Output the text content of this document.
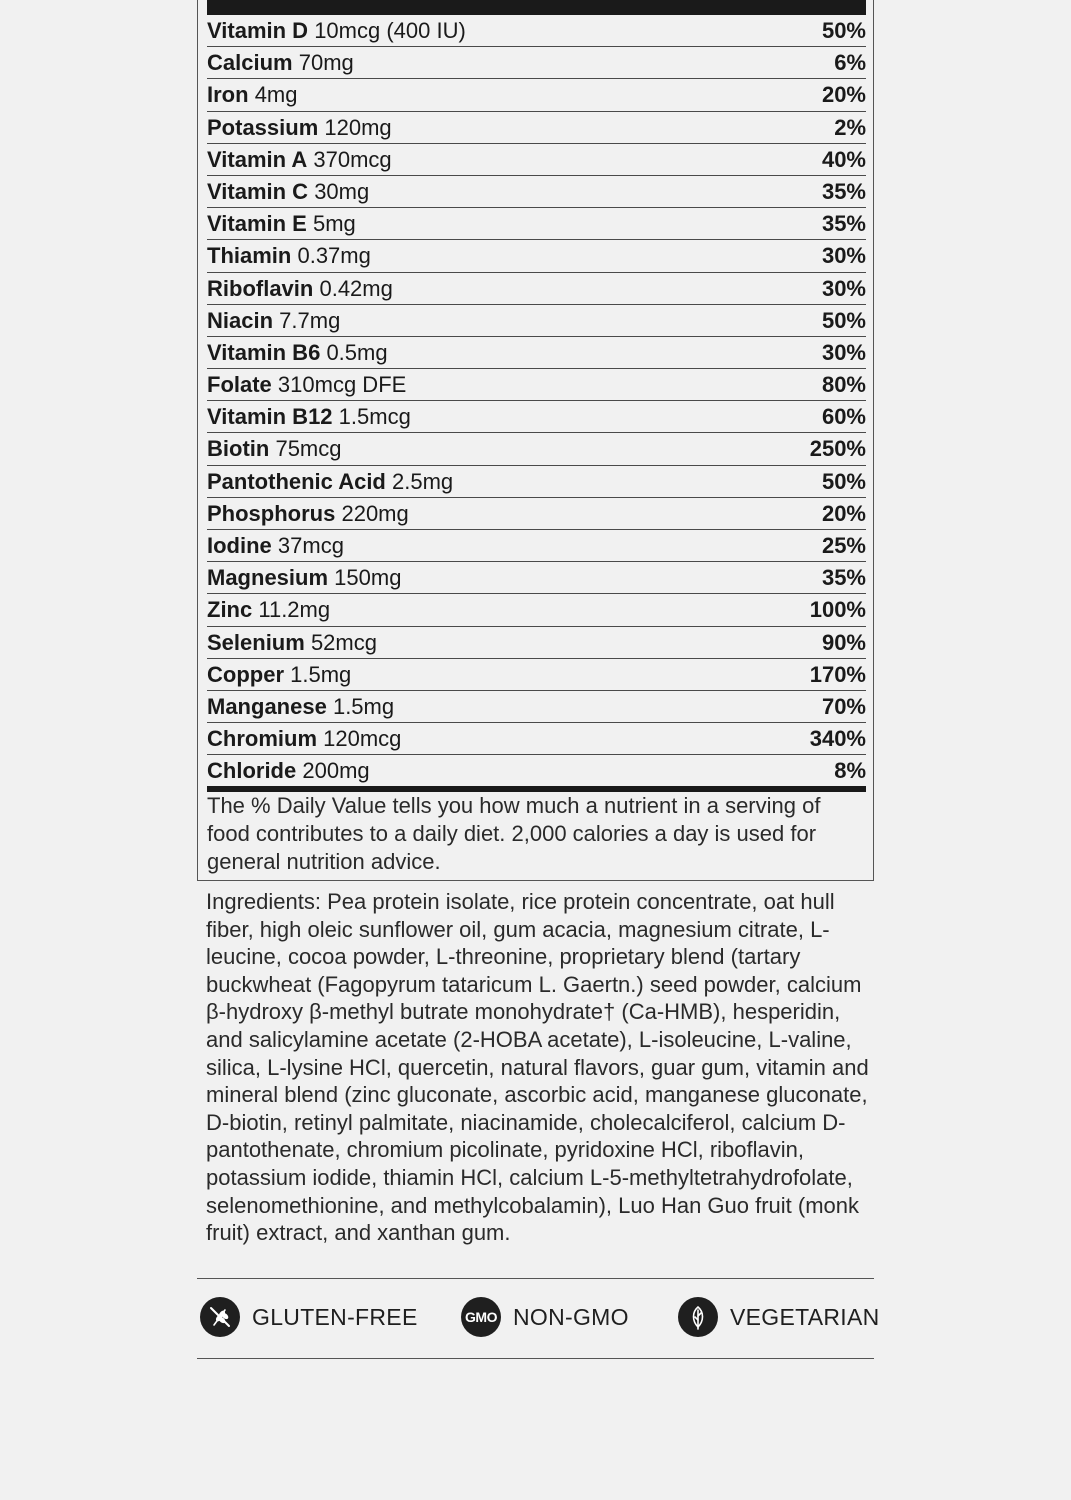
Vitamin D 10mcg (400 IU)	50%
Calcium 70mg	6%
Iron 4mg	20%
Potassium 120mg	2%
Vitamin A 370mcg	40%
Vitamin C 30mg	35%
Vitamin E 5mg	35%
Thiamin 0.37mg	30%
Riboflavin 0.42mg	30%
Niacin 7.7mg	50%
Vitamin B6 0.5mg	30%
Folate 310mcg DFE	80%
Vitamin B12 1.5mcg	60%
Biotin 75mcg	250%
Pantothenic Acid 2.5mg	50%
Phosphorus 220mg	20%
Iodine 37mcg	25%
Magnesium 150mg	35%
Zinc 11.2mg	100%
Selenium 52mcg	90%
Copper 1.5mg	170%
Manganese 1.5mg	70%
Chromium 120mcg	340%
Chloride 200mg	8%
The % Daily Value tells you how much a nutrient in a serving of food contributes to a daily diet. 2,000 calories a day is used for general nutrition advice.
Ingredients: Pea protein isolate, rice protein concentrate, oat hull fiber, high oleic sunflower oil, gum acacia, magnesium citrate, L-leucine, cocoa powder, L-threonine, proprietary blend (tartary buckwheat (Fagopyrum tataricum L. Gaertn.) seed powder, calcium β-hydroxy β-methyl butrate monohydrate† (Ca-HMB), hesperidin, and salicylamine acetate (2-HOBA acetate), L-isoleucine, L-valine, silica, L-lysine HCl, quercetin, natural flavors, guar gum, vitamin and mineral blend (zinc gluconate, ascorbic acid, manganese gluconate, D-biotin, retinyl palmitate, niacinamide, cholecalciferol, calcium D-pantothenate, chromium picolinate, pyridoxine HCl, riboflavin, potassium iodide, thiamin HCl, calcium L-5-methyltetrahydrofolate, selenomethionine, and methylcobalamin), Luo Han Guo fruit (monk fruit) extract, and xanthan gum.
GLUTEN-FREE	GMO NON-GMO	VEGETARIAN
